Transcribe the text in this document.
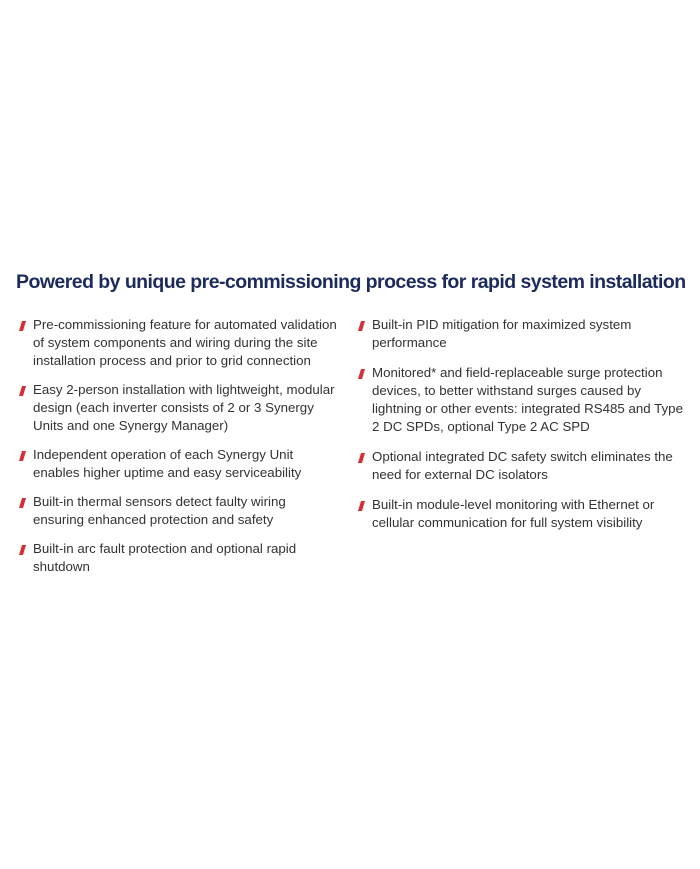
Powered by unique pre-commissioning process for rapid system installation
Pre-commissioning feature for automated validation of system components and wiring during the site installation process and prior to grid connection
Easy 2-person installation with lightweight, modular design (each inverter consists of 2 or 3 Synergy Units and one Synergy Manager)
Independent operation of each Synergy Unit enables higher uptime and easy serviceability
Built-in thermal sensors detect faulty wiring ensuring enhanced protection and safety
Built-in arc fault protection and optional rapid shutdown
Built-in PID mitigation for maximized system performance
Monitored* and field-replaceable surge protection devices, to better withstand surges caused by lightning or other events: integrated RS485 and Type 2 DC SPDs, optional Type 2 AC SPD
Optional integrated DC safety switch eliminates the need for external DC isolators
Built-in module-level monitoring with Ethernet or cellular communication for full system visibility
